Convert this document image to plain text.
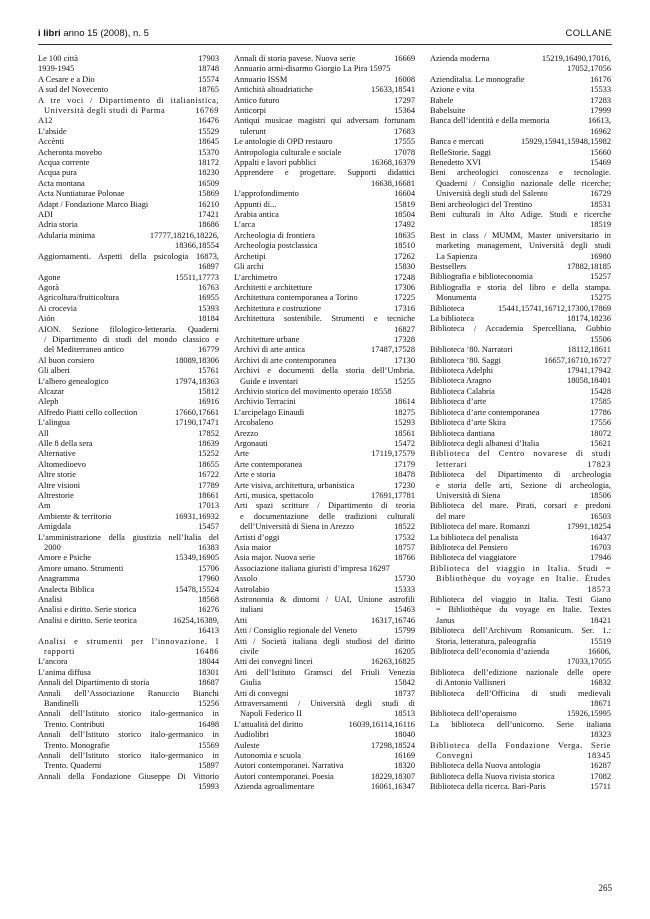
i libri anno 15 (2008), n. 5	COLLANE
Le 100 città	17903
1939-1945	18748
A Cesare e a Dio	15574
A sud del Novecento	18765
A tre voci / Dipartimento di italianistica,
Università degli studi di Parma	16769
A12	16476
L’abside	15529
Accènti	18645
Acheronta movebo	15370
Acqua corrente	18172
Acqua pura	18230
Acta montana	16509
Acta Nuntiaturae Polonae	15869
Adapt / Fondazione Marco Biagi	16210
ADI	17421
Adria storia	18686
Adularia minima	17777,18216,18226,
18366,18554
Aggiornamenti. Aspetti della psicologia 16873,
16897
Agone	15511,17773
Agorà	16763
Agricoltura/frutticoltura	16955
Ai crocevia	15393
Aión	18184
AION. Sezione filologico-letteraria. Quaderni
/ Dipartimento di studi del mondo classico e
del Mediterraneo antico	16779
Al buon corsiero	18089,18306
Gli alberi	15761
L’albero genealogico	17974,18363
Alcazar	15812
Aleph	16916
Alfredo Piatti cello collection	17660,17661
L’alingua	17190,17471
All	17852
Alle 8 della sera	18639
Alternative	15252
Altomedioevo	18655
Altre storie	16722
Altre visioni	17789
Altrestorie	18661
Am	17013
Ambiente & territorio	16931,16932
Amigdala	15457
L’amministrazione della giustizia nell’Italia del
2000	16383
Amore e Psiche	15349,16905
Amore umano. Strumenti	15706
Anagramma	17960
Analecta Biblica	15478,15524
Analisi	18568
Analisi e diritto. Serie storica	16276
Analisi e diritto. Serie teorica	16254,16389,
16413
Analisi e strumenti per l’innovazione. I
rapporti	16486
L’ancora	18044
L’anima diffusa	18301
Annali del Dipartimento di storia	18687
Annali dell’Associazione Ranuccio Bianchi
Bandinelli	15256
Annali dell’Istituto storico italo-germanico in
Trento. Contributi	16498
Annali dell’Istituto storico italo-germanico in
Trento. Monografie	15569
Annali dell’Istituto storico italo-germanico in
Trento. Quaderni	15897
Annali della Fondazione Giuseppe Di Vittorio
15993
Annali di storia pavese. Nuova serie	16669
Annuario armi-disarmo Giorgio La Pira 15975
Annuario ISSM	16008
Antichità altoadriatiche	15633,18541
Antico futuro	17297
Anticorpi	15364
Antiqui musicae magistri qui adversam fortunam
tulerunt	17683
Le antologie di OPD restauro	17555
Antropologia culturale e sociale	17078
Appalti e lavori pubblici	16368,16379
Apprendere e progettare. Supporti didattici
16638,16681
L’approfondimento	16604
Appunti di...	15819
Arabia antica	18504
L’arca	17492
Archeologia di frontiera	18635
Archeologia postclassica	18510
Archetipi	17262
Gli archi	15830
L’archimetro	17248
Architetti e architetture	17306
Architettura contemporanea a Torino	17225
Architettura e costruzione	17316
Architettura sostenibile. Strumenti e tecniche
16827
Architetture urbane	17328
Archivi di arte antica	17487,17528
Archivi di arte contemporanea	17130
Archivi e documenti della storia dell’Umbria.
Guide e inventari	15255
Archivio storico del movimento operaio 18558
Archivio Terracini	18614
L’arcipelago Einaudi	18275
Arcobaleno	15293
Arezzo	18561
Argonauti	15472
Arte	17119,17579
Arte contemporanea	17179
Arte e storia	18478
Arte visiva, architettura, urbanistica	17230
Arti, musica, spettacolo	17691,17781
Arti spazi scritture / Dipartimento di teoria
e documentazione delle tradizioni culturali
dell’Università di Siena in Arezzo	18522
Artisti d’oggi	17532
Asia maior	18757
Asia major. Nuova serie	18766
Associazione italiana giuristi d’impresa 16297
Assolo	15730
Astrolabio	15333
Astronomia & dintorni / UAI, Unione astrofili
italiani	15463
Atti	16317,16746
Atti / Consiglio regionale del Veneto	15799
Atti / Società italiana degli studiosi del diritto
civile	16205
Atti dei convegni lincei	16263,16825
Atti dell’Istituto Gramsci del Friuli Venezia
Giulia	15842
Atti di convegni	18737
Attraversamenti / Università degli studi di
Napoli Federico II	18513
L’attualità del diritto	16039,16114,16116
Audiolibri	18040
Auleste	17298,18524
Autonomia e scuola	16169
Autori contemporanei. Narrativa	18320
Autori contemporanei. Poesia	18229,18307
Azienda agroalimentare	16061,16347
Azienda moderna	15219,16490,17016,
17052,17056
Aziendítalia. Le monografie	16176
Azione e vita	15533
Babele	17283
Babelsuite	17999
Banca dell’identità e della memoria	16613,
16962
Banca e mercati	15929,15941,15948,15982
BelleStorie. Saggi	15660
Benedetto XVI	15469
Beni archeologici conoscenza e tecnologie.
Quaderni / Consiglio nazionale delle ricerche;
Università degli studi del Salento	16729
Beni archeologici del Trentino	18531
Beni culturali in Alto Adige. Studi e ricerche
18519
Best in class / MUMM, Master universitario in
marketing management, Università degli studi
La Sapienza	16980
Bestsellers	17882,18185
Bibliografia e biblioteconomia	15257
Bibliografia e storia del libro e della stampa.
Monumenta	15275
Biblioteca	15441,15741,16712,17300,17869
La biblioteca	18174,18236
Biblioteca / Accademia Spercelliana, Gubbio
15506
Biblioteca ’80. Narratori	18112,18611
Biblioteca ’80. Saggi	16657,16710,16727
Biblioteca Adelphi	17941,17942
Biblioteca Aragno	18058,18401
Biblioteca Calabria	15428
Biblioteca d’arte	17585
Biblioteca d’arte contemporanea	17786
Biblioteca d’arte Skira	17556
Biblioteca dantiana	18072
Biblioteca degli albanesi d’Italia	15621
Biblioteca del Centro novarese di studi
letterari	17823
Biblioteca del Dipartimento di archeologia
e storia delle arti, Sezione di archeologia,
Università di Siena	18506
Biblioteca del mare. Pirati, corsari e predoni
del mare	16503
Biblioteca del mare. Romanzi	17991,18254
La biblioteca del penalista	16437
Biblioteca del Pensiero	16703
Biblioteca del viaggiatore	17946
Biblioteca del viaggio in Italia. Studi =
Bibliothèque du voyage en Italie. Études
18573
Biblioteca del viaggio in Italia. Testi Giano
= Bibliothèque du voyage en Italie. Textes
Janus	18421
Biblioteca dell’Archivum Romanicum. Ser. 1.:
Storia, letteratura, paleografia	15519
Biblioteca dell’economia d’azienda	16606,
17033,17055
Biblioteca dell’edizione nazionale delle opere
di Antonio Vallisneri	16832
Biblioteca dell’Officina di studi medievali
18671
Biblioteca dell’operaismo	15926,15995
La biblioteca dell’unicorno. Serie italiana
18323
Biblioteca della Fondazione Verga. Serie
Convegni	18345
Biblioteca della Nuova antologia	16287
Biblioteca della Nuova rivista storica	17082
Biblioteca della ricerca. Bari-Paris	15711
265
